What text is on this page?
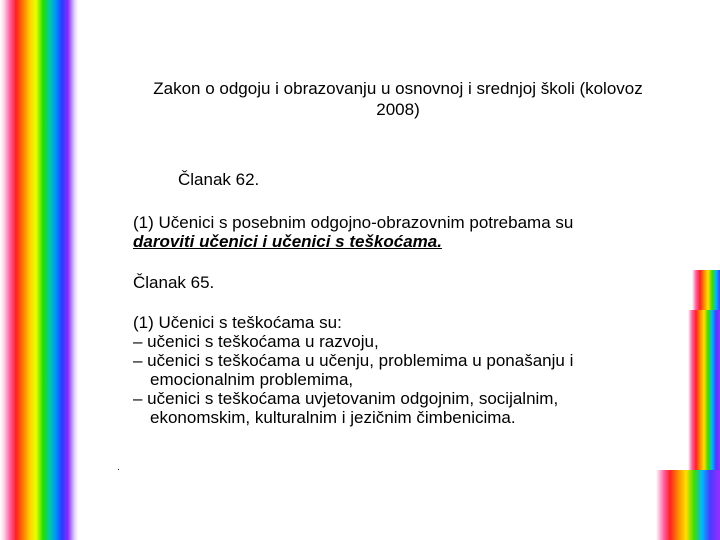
Zakon o odgoju i obrazovanju u osnovnoj i srednjoj školi (kolovoz 2008)
Članak 62.
(1) Učenici s posebnim odgojno-obrazovnim potrebama su
daroviti učenici i učenici s teškoćama.
Članak 65.
(1) Učenici s teškoćama su:
– učenici s teškoćama u razvoju,
– učenici s teškoćama u učenju, problemima u ponašanju i
emocionalnim problemima,
– učenici s teškoćama uvjetovanim odgojnim, socijalnim,
ekonomskim, kulturalnim i jezičnim čimbenicima.
.
